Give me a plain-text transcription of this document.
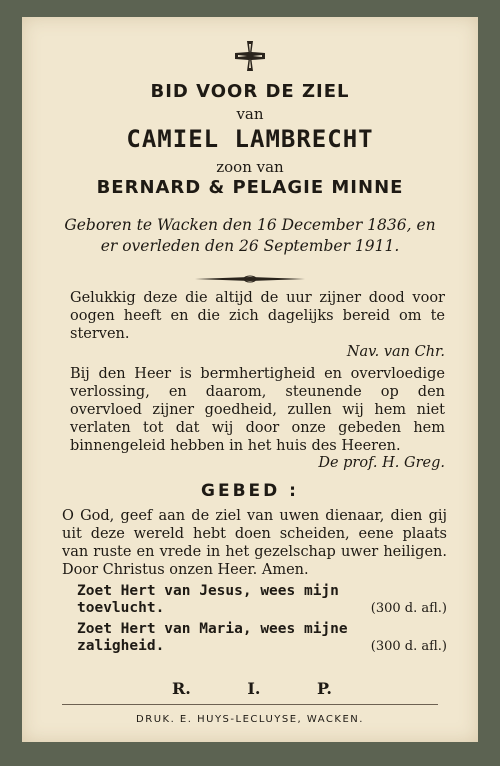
BID VOOR DE ZIEL
van
CAMIEL LAMBRECHT
zoon van
BERNARD & PELAGIE MINNE
Geboren te Wacken den 16 December 1836, en
er overleden den 26 September 1911.
Gelukkig deze die altijd de uur zijner dood voor oogen heeft en die zich dagelijks bereid om te sterven.
Nav. van Chr.
Bij den Heer is bermhertigheid en overvloedige verlossing, en daarom, steunende op den overvloed zijner goedheid, zullen wij hem niet verlaten tot dat wij door onze gebeden hem binnengeleid hebben in het huis des Heeren.
De prof. H. Greg.
GEBED :
O God, geef aan de ziel van uwen dienaar, dien gij uit deze wereld hebt doen scheiden, eene plaats van ruste en vrede in het gezelschap uwer heiligen. Door Christus onzen Heer. Amen.
Zoet Hert van Jesus, wees mijn
toevlucht.	(300 d. afl.)
Zoet Hert van Maria, wees mijne
zaligheid.	(300 d. afl.)
R.	I.	P.
DRUK. E. HUYS-LECLUYSE, WACKEN.
